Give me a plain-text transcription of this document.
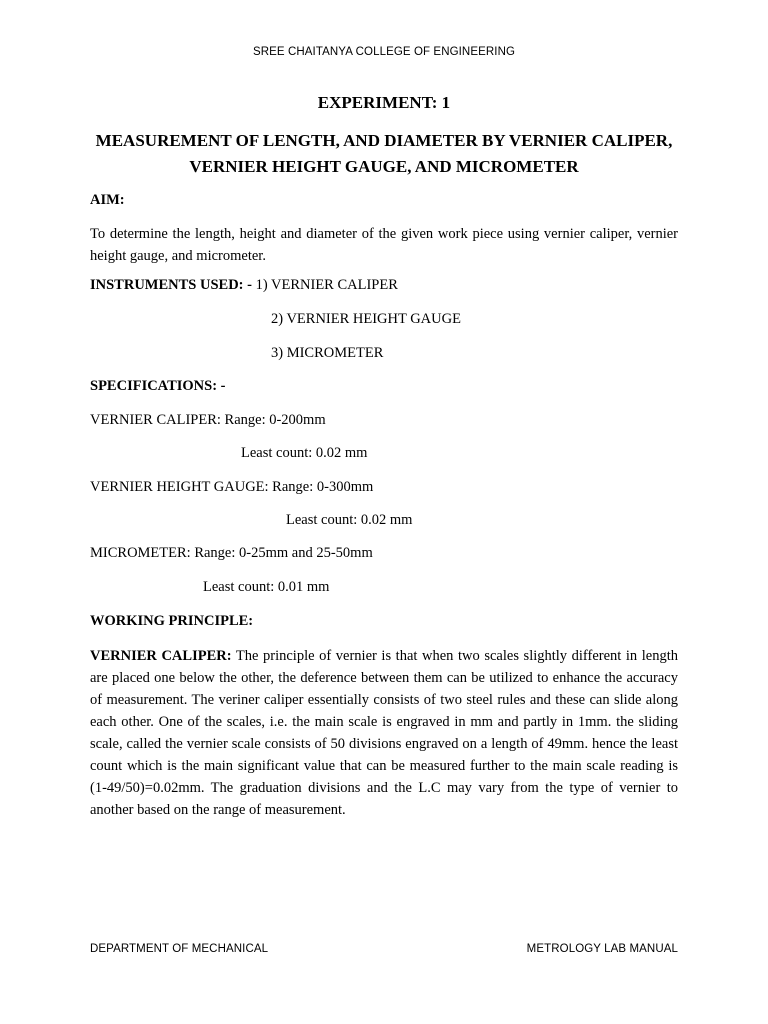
SREE CHAITANYA COLLEGE OF ENGINEERING
EXPERIMENT: 1
MEASUREMENT OF LENGTH, AND DIAMETER BY VERNIER CALIPER, VERNIER HEIGHT GAUGE, AND MICROMETER
AIM:
To determine the length, height and diameter of the given work piece using vernier caliper, vernier height gauge, and micrometer.
INSTRUMENTS USED: - 1) VERNIER CALIPER
2) VERNIER HEIGHT GAUGE
3) MICROMETER
SPECIFICATIONS: -
VERNIER CALIPER: Range: 0-200mm
Least count: 0.02 mm
VERNIER HEIGHT GAUGE: Range: 0-300mm
Least count: 0.02 mm
MICROMETER: Range: 0-25mm and 25-50mm
Least count: 0.01 mm
WORKING PRINCIPLE:
VERNIER CALIPER: The principle of vernier is that when two scales slightly different in length are placed one below the other, the deference between them can be utilized to enhance the accuracy of measurement. The veriner caliper essentially consists of two steel rules and these can slide along each other. One of the scales, i.e. the main scale is engraved in mm and partly in 1mm. the sliding scale, called the vernier scale consists of 50 divisions engraved on a length of 49mm. hence the least count which is the main significant value that can be measured further to the main scale reading is (1-49/50)=0.02mm. The graduation divisions and the L.C may vary from the type of vernier to another based on the range of measurement.
DEPARTMENT OF MECHANICAL	METROLOGY LAB MANUAL
